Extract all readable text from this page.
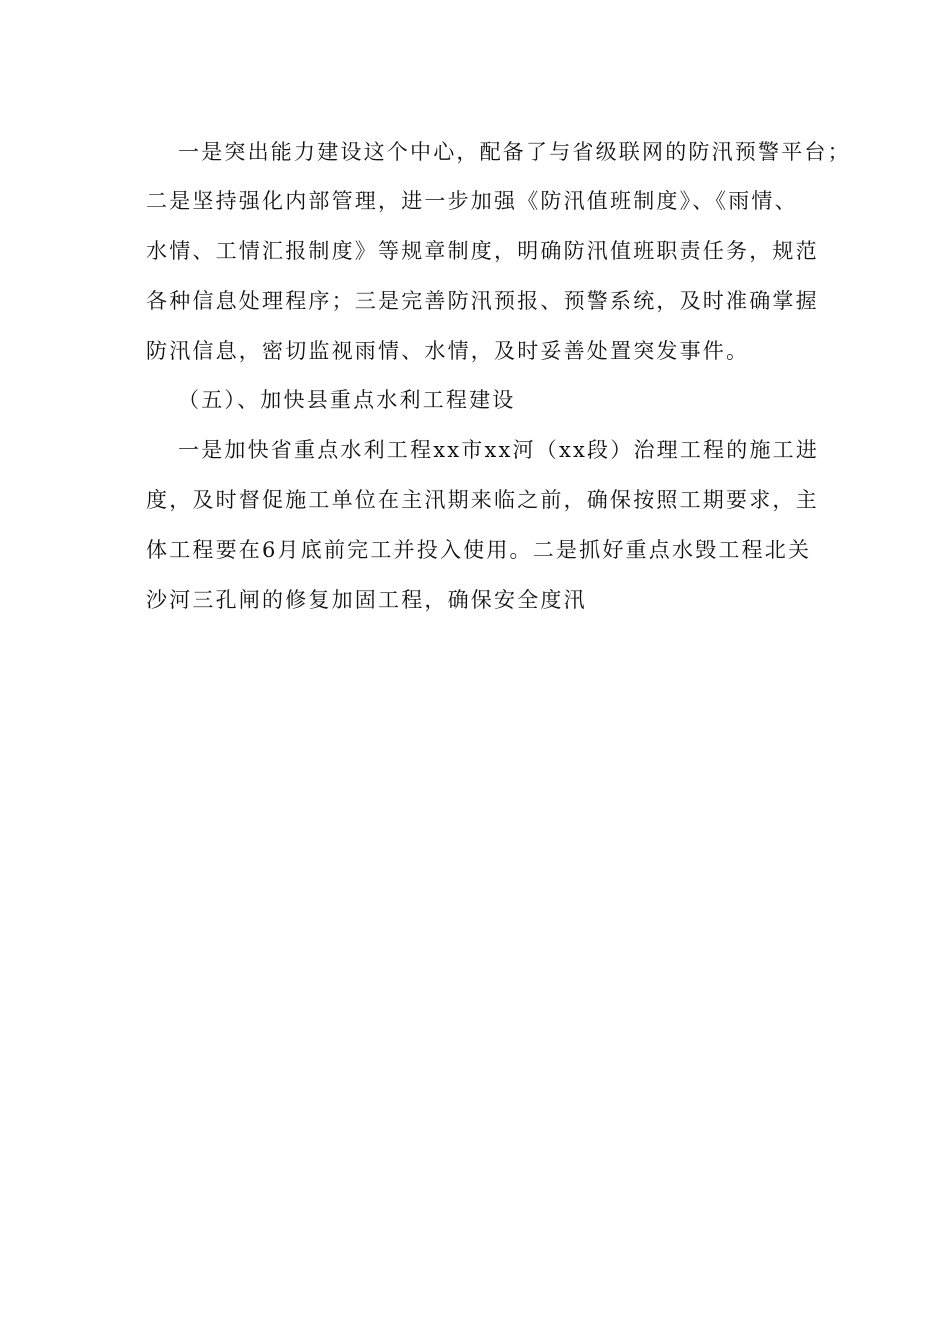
一是突出能力建设这个中心，配备了与省级联网的防汛预警平台；
二是坚持强化内部管理，进一步加强《防汛值班制度》、《雨情、
水情、工情汇报制度》等规章制度，明确防汛值班职责任务，规范
各种信息处理程序；三是完善防汛预报、预警系统，及时准确掌握
防汛信息，密切监视雨情、水情，及时妥善处置突发事件。
（五）、加快县重点水利工程建设
一是加快省重点水利工程xx市xx河（xx段）治理工程的施工进
度，及时督促施工单位在主汛期来临之前，确保按照工期要求，主
体工程要在6月底前完工并投入使用。二是抓好重点水毁工程北关
沙河三孔闸的修复加固工程，确保安全度汛
